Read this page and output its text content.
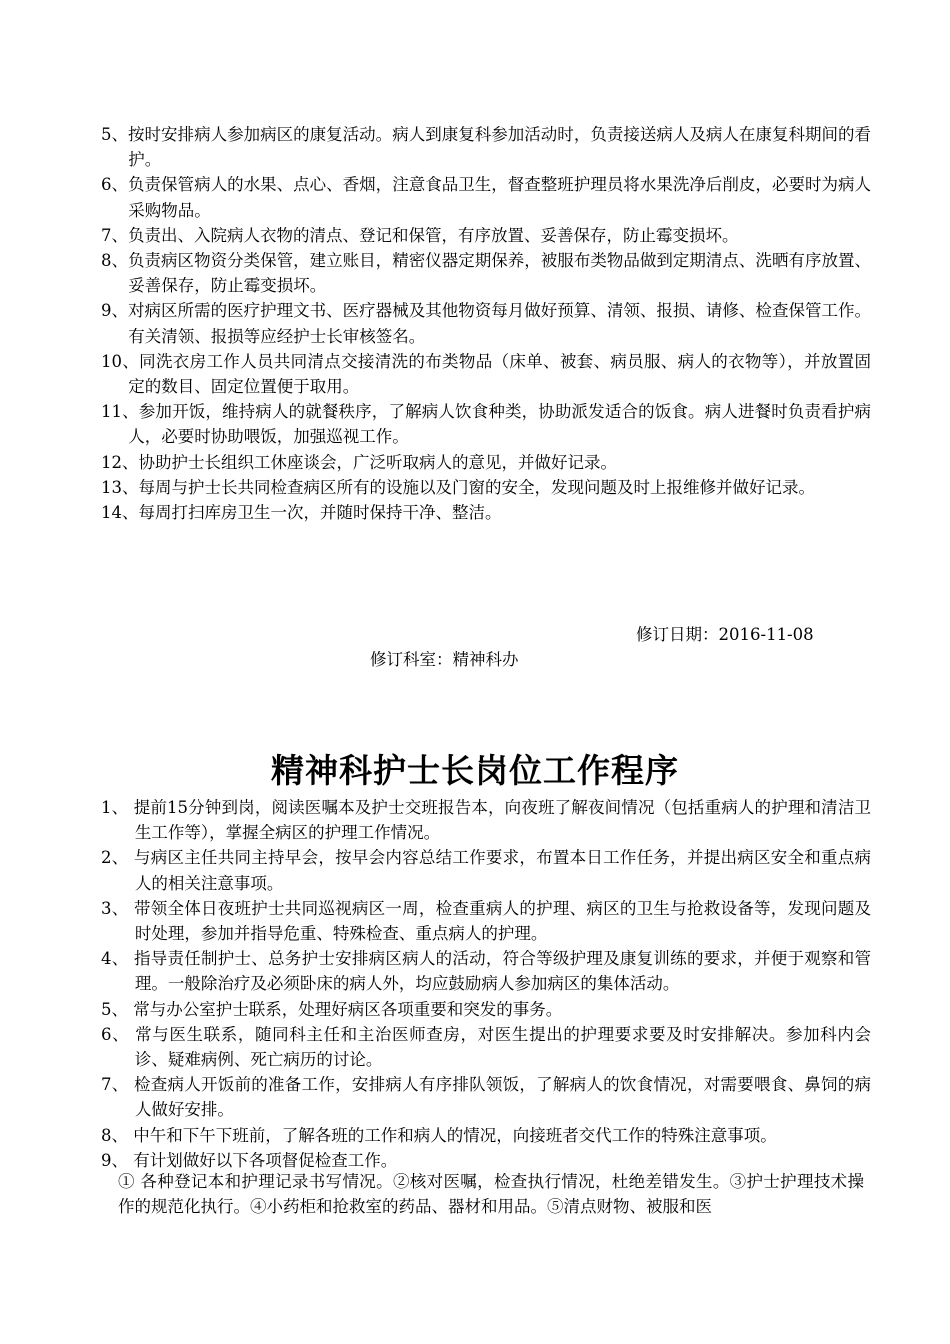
5、按时安排病人参加病区的康复活动。病人到康复科参加活动时，负责接送病人及病人在康复科期间的看护。
6、负责保管病人的水果、点心、香烟，注意食品卫生，督查整班护理员将水果洗净后削皮，必要时为病人采购物品。
7、负责出、入院病人衣物的清点、登记和保管，有序放置、妥善保存，防止霉变损坏。
8、负责病区物资分类保管，建立账目，精密仪器定期保养，被服布类物品做到定期清点、洗晒有序放置、妥善保存，防止霉变损坏。
9、对病区所需的医疗护理文书、医疗器械及其他物资每月做好预算、清领、报损、请修、检查保管工作。有关清领、报损等应经护士长审核签名。
10、同洗衣房工作人员共同清点交接清洗的布类物品（床单、被套、病员服、病人的衣物等），并放置固定的数目、固定位置便于取用。
11、参加开饭，维持病人的就餐秩序，了解病人饮食种类，协助派发适合的饭食。病人进餐时负责看护病人，必要时协助喂饭，加强巡视工作。
12、协助护士长组织工休座谈会，广泛听取病人的意见，并做好记录。
13、每周与护士长共同检查病区所有的设施以及门窗的安全，发现问题及时上报维修并做好记录。
14、每周打扫库房卫生一次，并随时保持干净、整洁。
修订日期：2016-11-08
修订科室：精神科办
精神科护士长岗位工作程序
1、 提前15分钟到岗，阅读医嘱本及护士交班报告本，向夜班了解夜间情况（包括重病人的护理和清洁卫生工作等），掌握全病区的护理工作情况。
2、 与病区主任共同主持早会，按早会内容总结工作要求，布置本日工作任务，并提出病区安全和重点病人的相关注意事项。
3、 带领全体日夜班护士共同巡视病区一周，检查重病人的护理、病区的卫生与抢救设备等，发现问题及时处理，参加并指导危重、特殊检查、重点病人的护理。
4、 指导责任制护士、总务护士安排病区病人的活动，符合等级护理及康复训练的要求，并便于观察和管理。一般除治疗及必须卧床的病人外，均应鼓励病人参加病区的集体活动。
5、 常与办公室护士联系，处理好病区各项重要和突发的事务。
6、 常与医生联系，随同科主任和主治医师查房，对医生提出的护理要求要及时安排解决。参加科内会诊、疑难病例、死亡病历的讨论。
7、 检查病人开饭前的准备工作，安排病人有序排队领饭，了解病人的饮食情况，对需要喂食、鼻饲的病人做好安排。
8、 中午和下午下班前，了解各班的工作和病人的情况，向接班者交代工作的特殊注意事项。
9、 有计划做好以下各项督促检查工作。
① 各种登记本和护理记录书写情况。②核对医嘱，检查执行情况，杜绝差错发生。③护士护理技术操作的规范化执行。④小药柜和抢救室的药品、器材和用品。⑤清点财物、被服和医
